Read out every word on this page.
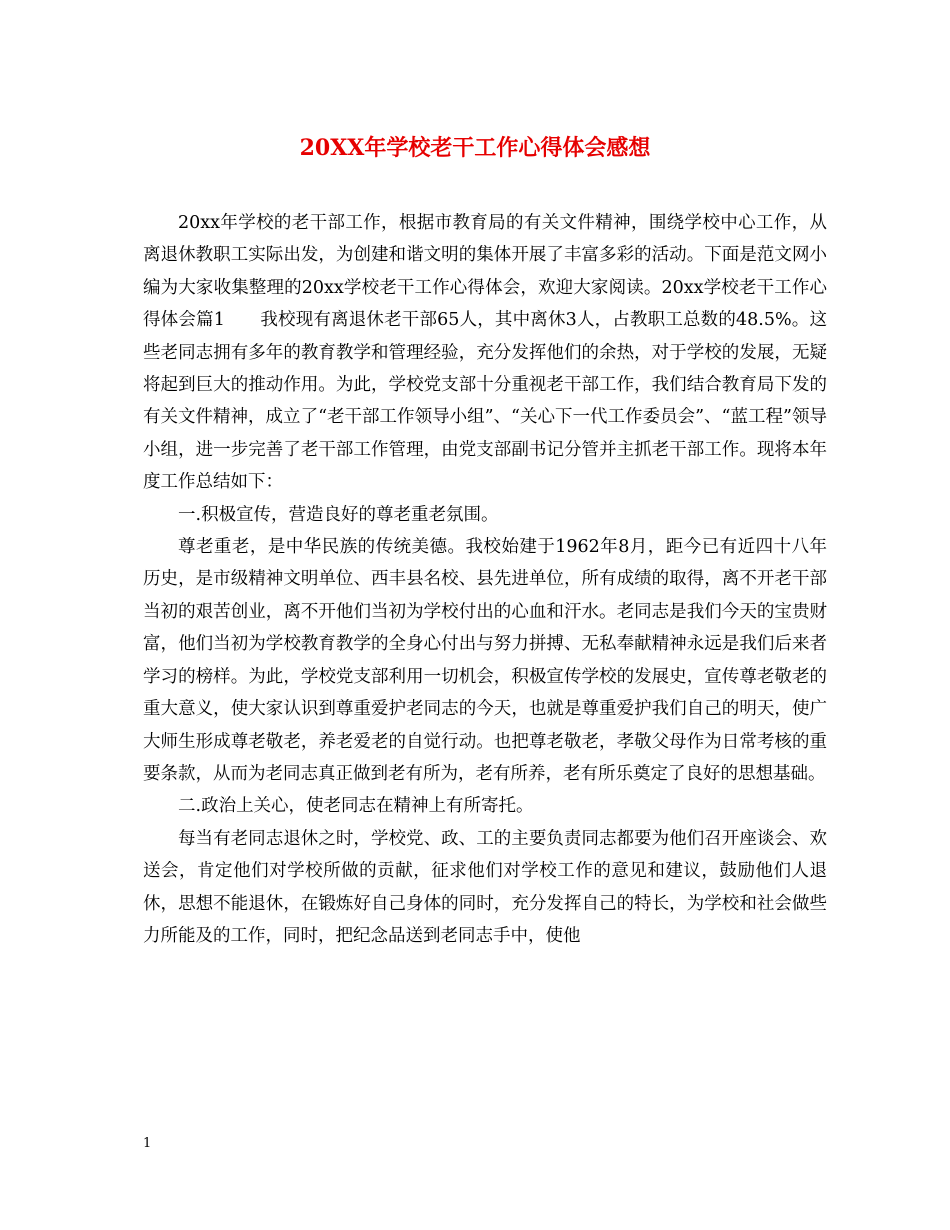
20XX年学校老干工作心得体会感想

20xx年学校的老干部工作，根据市教育局的有关文件精神，围绕学校中心工作，从离退休教职工实际出发，为创建和谐文明的集体开展了丰富多彩的活动。下面是范文网小编为大家收集整理的20xx学校老干工作心得体会，欢迎大家阅读。20xx学校老干工作心得体会篇1　　我校现有离退休老干部65人，其中离休3人，占教职工总数的48.5%。这些老同志拥有多年的教育教学和管理经验，充分发挥他们的余热，对于学校的发展，无疑将起到巨大的推动作用。为此，学校党支部十分重视老干部工作，我们结合教育局下发的有关文件精神，成立了“老干部工作领导小组”、“关心下一代工作委员会”、“蓝工程”领导小组，进一步完善了老干部工作管理，由党支部副书记分管并主抓老干部工作。现将本年度工作总结如下：

一.积极宣传，营造良好的尊老重老氛围。

尊老重老，是中华民族的传统美德。我校始建于1962年8月，距今已有近四十八年历史，是市级精神文明单位、西丰县名校、县先进单位，所有成绩的取得，离不开老干部当初的艰苦创业，离不开他们当初为学校付出的心血和汗水。老同志是我们今天的宝贵财富，他们当初为学校教育教学的全身心付出与努力拼搏、无私奉献精神永远是我们后来者学习的榜样。为此，学校党支部利用一切机会，积极宣传学校的发展史，宣传尊老敬老的重大意义，使大家认识到尊重爱护老同志的今天，也就是尊重爱护我们自己的明天，使广大师生形成尊老敬老，养老爱老的自觉行动。也把尊老敬老，孝敬父母作为日常考核的重要条款，从而为老同志真正做到老有所为，老有所养，老有所乐奠定了良好的思想基础。

二.政治上关心，使老同志在精神上有所寄托。

每当有老同志退休之时，学校党、政、工的主要负责同志都要为他们召开座谈会、欢送会，肯定他们对学校所做的贡献，征求他们对学校工作的意见和建议，鼓励他们人退休，思想不能退休，在锻炼好自己身体的同时，充分发挥自己的特长，为学校和社会做些力所能及的工作，同时，把纪念品送到老同志手中，使他

1
